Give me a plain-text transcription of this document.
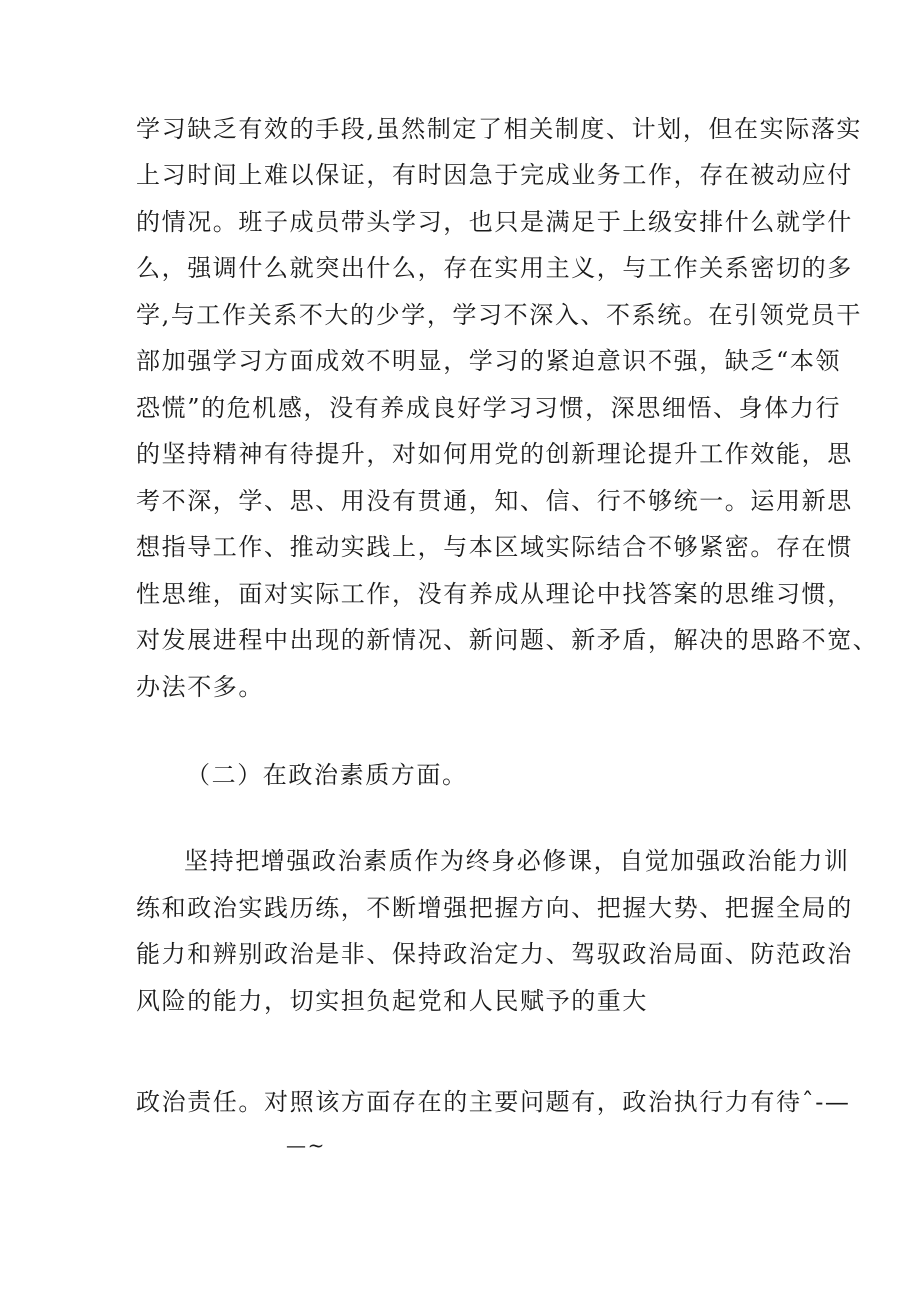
学习缺乏有效的手段,虽然制定了相关制度、计划，但在实际落实
上习时间上难以保证，有时因急于完成业务工作，存在被动应付
的情况。班子成员带头学习，也只是满足于上级安排什么就学什
么，强调什么就突出什么，存在实用主义，与工作关系密切的多
学,与工作关系不大的少学，学习不深入、不系统。在引领党员干
部加强学习方面成效不明显，学习的紧迫意识不强，缺乏“本领
恐慌”的危机感，没有养成良好学习习惯，深思细悟、身体力行
的坚持精神有待提升，对如何用党的创新理论提升工作效能，思
考不深，学、思、用没有贯通，知、信、行不够统一。运用新思
想指导工作、推动实践上，与本区域实际结合不够紧密。存在惯
性思维，面对实际工作，没有养成从理论中找答案的思维习惯，
对发展进程中出现的新情况、新问题、新矛盾，解决的思路不宽、
办法不多。
（二）在政治素质方面。
坚持把增强政治素质作为终身必修课，自觉加强政治能力训
练和政治实践历练，不断增强把握方向、把握大势、把握全局的
能力和辨别政治是非、保持政治定力、驾驭政治局面、防范政治
风险的能力，切实担负起党和人民赋予的重大
政治责任。对照该方面存在的主要问题有，政治执行力有待ˆ-—
—~
